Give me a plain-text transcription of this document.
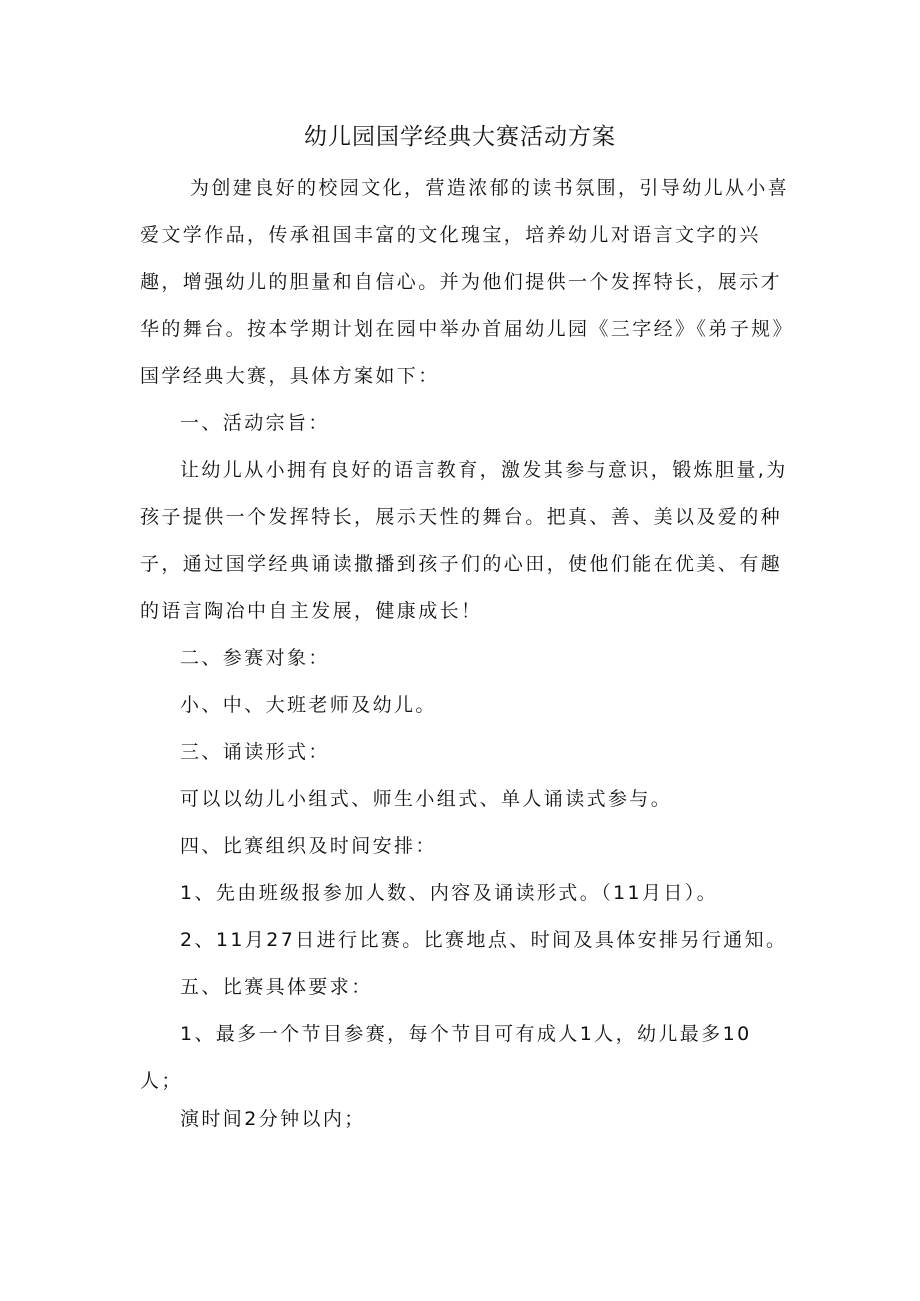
幼儿园国学经典大赛活动方案

为创建良好的校园文化，营造浓郁的读书氛围，引导幼儿从小喜爱文学作品，传承祖国丰富的文化瑰宝，培养幼儿对语言文字的兴趣，增强幼儿的胆量和自信心。并为他们提供一个发挥特长，展示才华的舞台。按本学期计划在园中举办首届幼儿园《三字经》《弟子规》国学经典大赛，具体方案如下：

一、活动宗旨：

让幼儿从小拥有良好的语言教育，激发其参与意识，锻炼胆量,为孩子提供一个发挥特长，展示天性的舞台。把真、善、美以及爱的种子，通过国学经典诵读撒播到孩子们的心田，使他们能在优美、有趣的语言陶冶中自主发展，健康成长！

二、参赛对象：

小、中、大班老师及幼儿。

三、诵读形式：

可以以幼儿小组式、师生小组式、单人诵读式参与。

四、比赛组织及时间安排：

1、先由班级报参加人数、内容及诵读形式。（11月日）。

2、11月27日进行比赛。比赛地点、时间及具体安排另行通知。

五、比赛具体要求：

1、最多一个节目参赛，每个节目可有成人1人，幼儿最多10人；

演时间2分钟以内；
